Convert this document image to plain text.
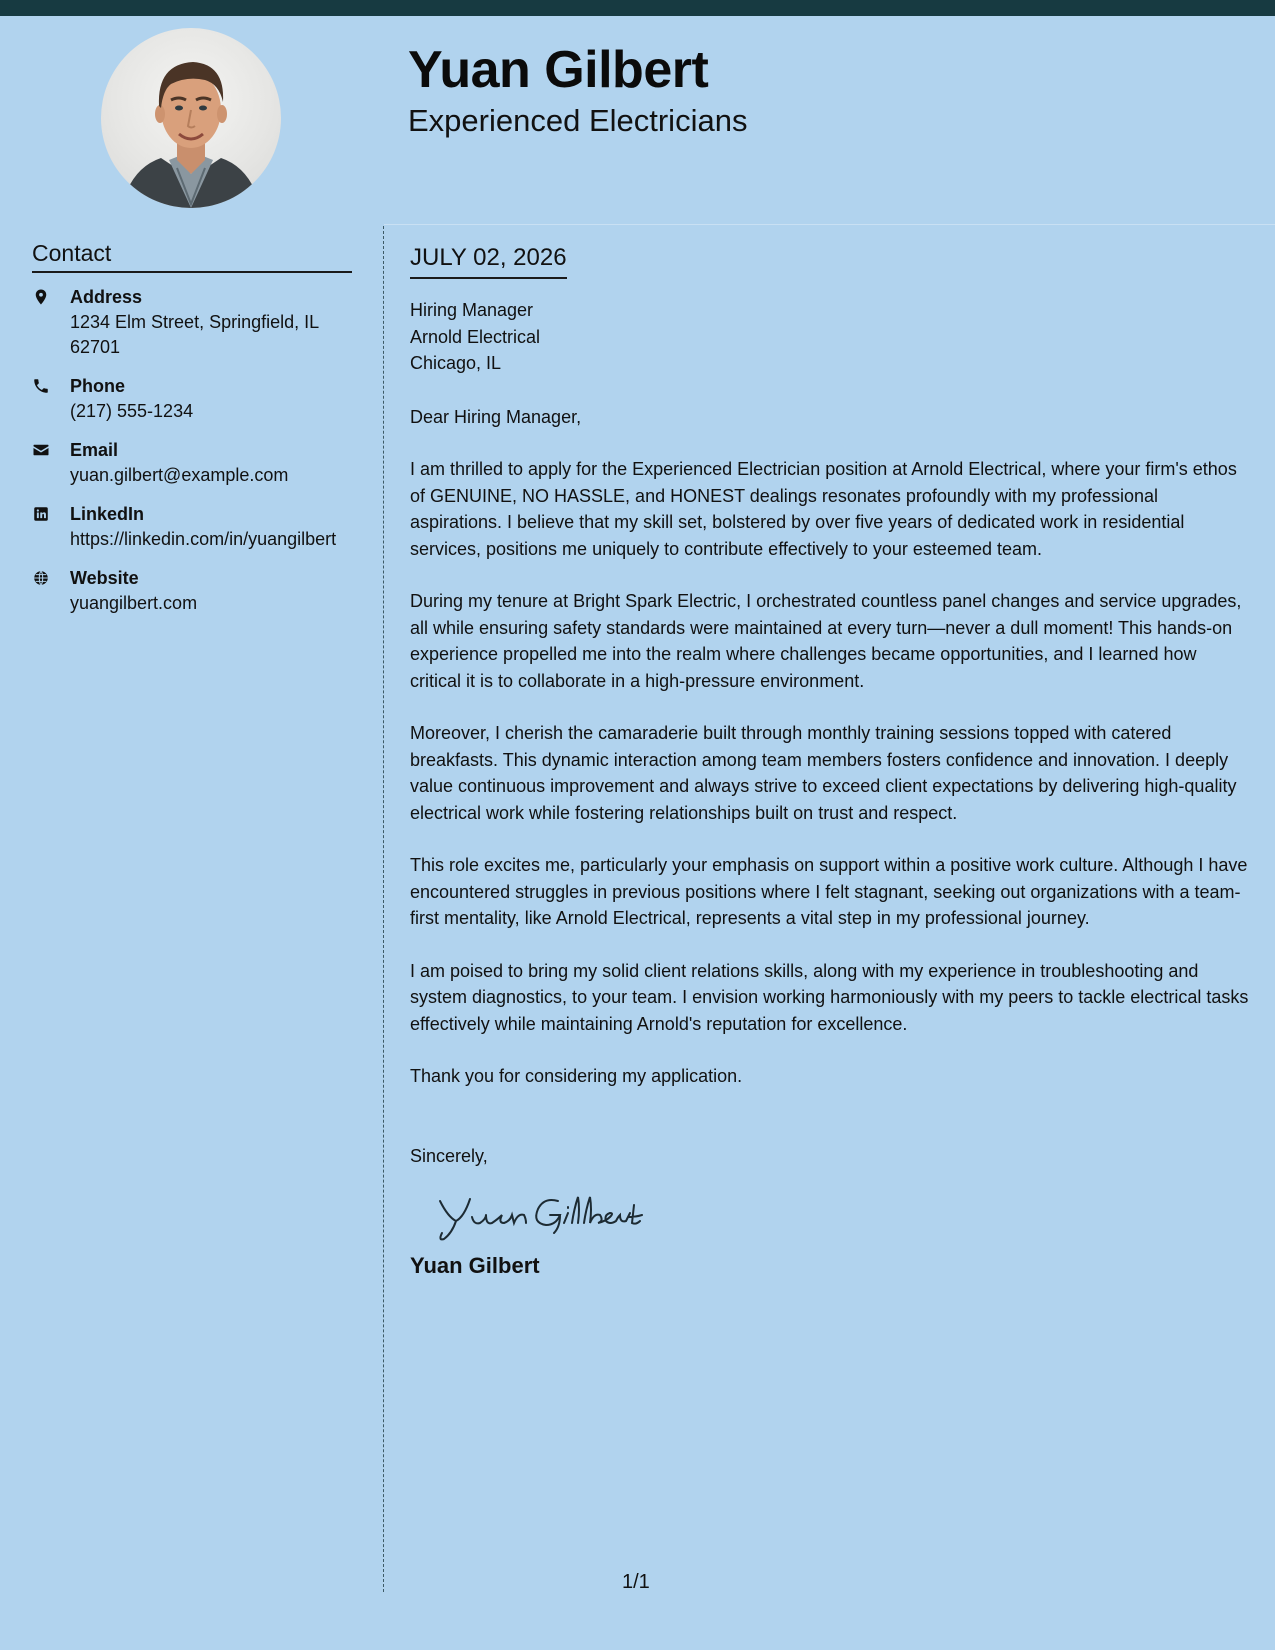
Yuan Gilbert
Experienced Electricians
Contact
Address
1234 Elm Street, Springfield, IL 62701
Phone
(217) 555-1234
Email
yuan.gilbert@example.com
LinkedIn
https://linkedin.com/in/yuangilbert
Website
yuangilbert.com
JULY 02, 2026
Hiring Manager
Arnold Electrical
Chicago, IL

Dear Hiring Manager,

I am thrilled to apply for the Experienced Electrician position at Arnold Electrical, where your firm's ethos of GENUINE, NO HASSLE, and HONEST dealings resonates profoundly with my professional aspirations. I believe that my skill set, bolstered by over five years of dedicated work in residential services, positions me uniquely to contribute effectively to your esteemed team.

During my tenure at Bright Spark Electric, I orchestrated countless panel changes and service upgrades, all while ensuring safety standards were maintained at every turn—never a dull moment! This hands-on experience propelled me into the realm where challenges became opportunities, and I learned how critical it is to collaborate in a high-pressure environment.

Moreover, I cherish the camaraderie built through monthly training sessions topped with catered breakfasts. This dynamic interaction among team members fosters confidence and innovation. I deeply value continuous improvement and always strive to exceed client expectations by delivering high-quality electrical work while fostering relationships built on trust and respect.

This role excites me, particularly your emphasis on support within a positive work culture. Although I have encountered struggles in previous positions where I felt stagnant, seeking out organizations with a team-first mentality, like Arnold Electrical, represents a vital step in my professional journey.

I am poised to bring my solid client relations skills, along with my experience in troubleshooting and system diagnostics, to your team. I envision working harmoniously with my peers to tackle electrical tasks effectively while maintaining Arnold's reputation for excellence.

Thank you for considering my application.

Sincerely,

Yuan Gilbert
1/1
